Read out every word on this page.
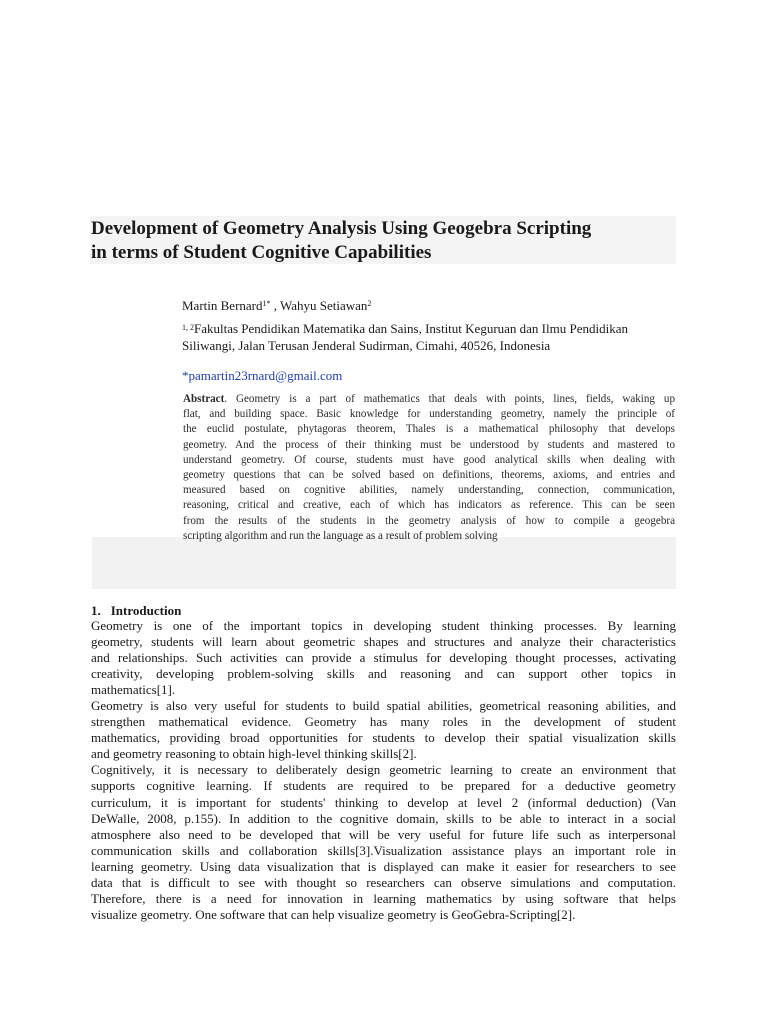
Development of Geometry Analysis Using Geogebra Scripting
in terms of Student Cognitive Capabilities
Martin Bernard$^{1*}$ , Wahyu Setiawan$^2$
$^{1, 2}$Fakultas Pendidikan Matematika dan Sains, Institut Keguruan dan Ilmu Pendidikan
Siliwangi, Jalan Terusan Jenderal Sudirman, Cimahi, 40526, Indonesia
*pamartin23rnard@gmail.com
Abstract. Geometry is a part of mathematics that deals with points, lines, fields, waking up
flat, and building space. Basic knowledge for understanding geometry, namely the principle of
the euclid postulate, phytagoras theorem, Thales is a mathematical philosophy that develops
geometry. And the process of their thinking must be understood by students and mastered to
understand geometry. Of course, students must have good analytical skills when dealing with
geometry questions that can be solved based on definitions, theorems, axioms, and entries and
measured based on cognitive abilities, namely understanding, connection, communication,
reasoning, critical and creative, each of which has indicators as reference. This can be seen
from the results of the students in the geometry analysis of how to compile a geogebra
scripting algorithm and run the language as a result of problem solving
1. Introduction
Geometry is one of the important topics in developing student thinking processes. By learning
geometry, students will learn about geometric shapes and structures and analyze their characteristics
and relationships. Such activities can provide a stimulus for developing thought processes, activating
creativity, developing problem-solving skills and reasoning and can support other topics in
mathematics[1].
Geometry is also very useful for students to build spatial abilities, geometrical reasoning abilities, and
strengthen mathematical evidence. Geometry has many roles in the development of student
mathematics, providing broad opportunities for students to develop their spatial visualization skills
and geometry reasoning to obtain high-level thinking skills[2].
Cognitively, it is necessary to deliberately design geometric learning to create an environment that
supports cognitive learning. If students are required to be prepared for a deductive geometry
curriculum, it is important for students' thinking to develop at level 2 (informal deduction) (Van
DeWalle, 2008, p.155). In addition to the cognitive domain, skills to be able to interact in a social
atmosphere also need to be developed that will be very useful for future life such as interpersonal
communication skills and collaboration skills[3].Visualization assistance plays an important role in
learning geometry. Using data visualization that is displayed can make it easier for researchers to see
data that is difficult to see with thought so researchers can observe simulations and computation.
Therefore, there is a need for innovation in learning mathematics by using software that helps
visualize geometry. One software that can help visualize geometry is GeoGebra-Scripting[2].
